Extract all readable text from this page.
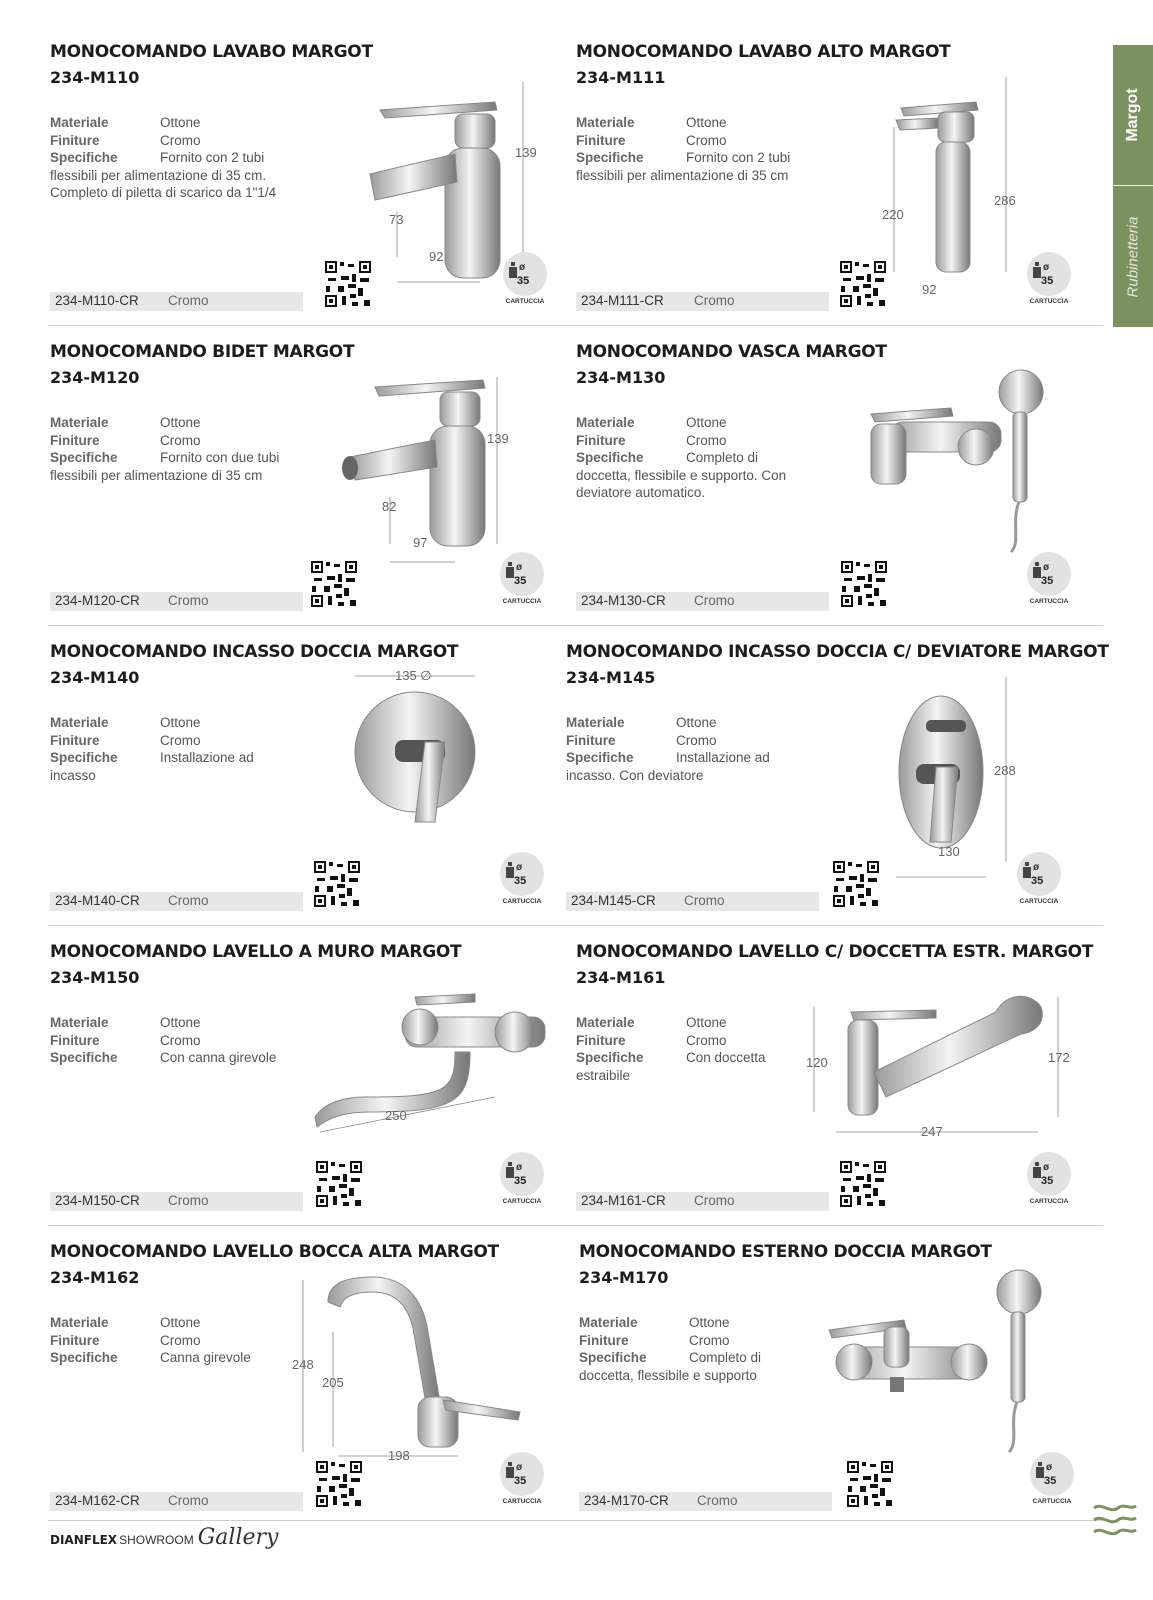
Margot
Rubinetteria
MONOCOMANDO LAVABO MARGOT
234-M110
Materiale	Ottone
Finiture	Cromo
Specifiche	Fornito con 2 tubi
flessibili per alimentazione di 35 cm. Completo di piletta di scarico da 1"1/4
139
73
92
234-M110-CR Cromo
ø
35
CARTUCCIA
MONOCOMANDO LAVABO ALTO MARGOT
234-M111
Materiale	Ottone
Finiture	Cromo
Specifiche	Fornito con 2 tubi
flessibili per alimentazione di 35 cm
220
286
92
234-M111-CR Cromo
ø
35
CARTUCCIA
MONOCOMANDO BIDET MARGOT
234-M120
Materiale	Ottone
Finiture	Cromo
Specifiche	Fornito con due tubi
flessibili per alimentazione di 35 cm
139
82
97
234-M120-CR Cromo
ø
35
CARTUCCIA
MONOCOMANDO VASCA MARGOT
234-M130
Materiale	Ottone
Finiture	Cromo
Specifiche	Completo di
doccetta, flessibile e supporto. Con deviatore automatico.
234-M130-CR Cromo
ø
35
CARTUCCIA
MONOCOMANDO INCASSO DOCCIA MARGOT
234-M140
Materiale	Ottone
Finiture	Cromo
Specifiche	Installazione ad
incasso
135 ∅
234-M140-CR Cromo
ø
35
CARTUCCIA
MONOCOMANDO INCASSO DOCCIA C/ DEVIATORE MARGOT
234-M145
Materiale	Ottone
Finiture	Cromo
Specifiche	Installazione ad
incasso. Con deviatore	288
130
234-M145-CR Cromo
ø
35
CARTUCCIA
MONOCOMANDO LAVELLO A MURO MARGOT
234-M150
Materiale	Ottone
Finiture	Cromo
Specifiche	Con canna girevole
250
234-M150-CR Cromo
ø
35
CARTUCCIA
MONOCOMANDO LAVELLO C/ DOCCETTA ESTR. MARGOT
234-M161
Materiale	Ottone
Finiture	Cromo
Specifiche	Con doccetta
estraibile
120	172
247
234-M161-CR Cromo
ø
35
CARTUCCIA
MONOCOMANDO LAVELLO BOCCA ALTA MARGOT
234-M162
Materiale	Ottone
Finiture	Cromo
Specifiche	Canna girevole	248
205
198
234-M162-CR Cromo
ø
35
CARTUCCIA
MONOCOMANDO ESTERNO DOCCIA MARGOT
234-M170
Materiale	Ottone
Finiture	Cromo
Specifiche	Completo di
doccetta, flessibile e supporto
234-M170-CR Cromo
ø
35
CARTUCCIA
DIANFLEX SHOWROOM Gallery
